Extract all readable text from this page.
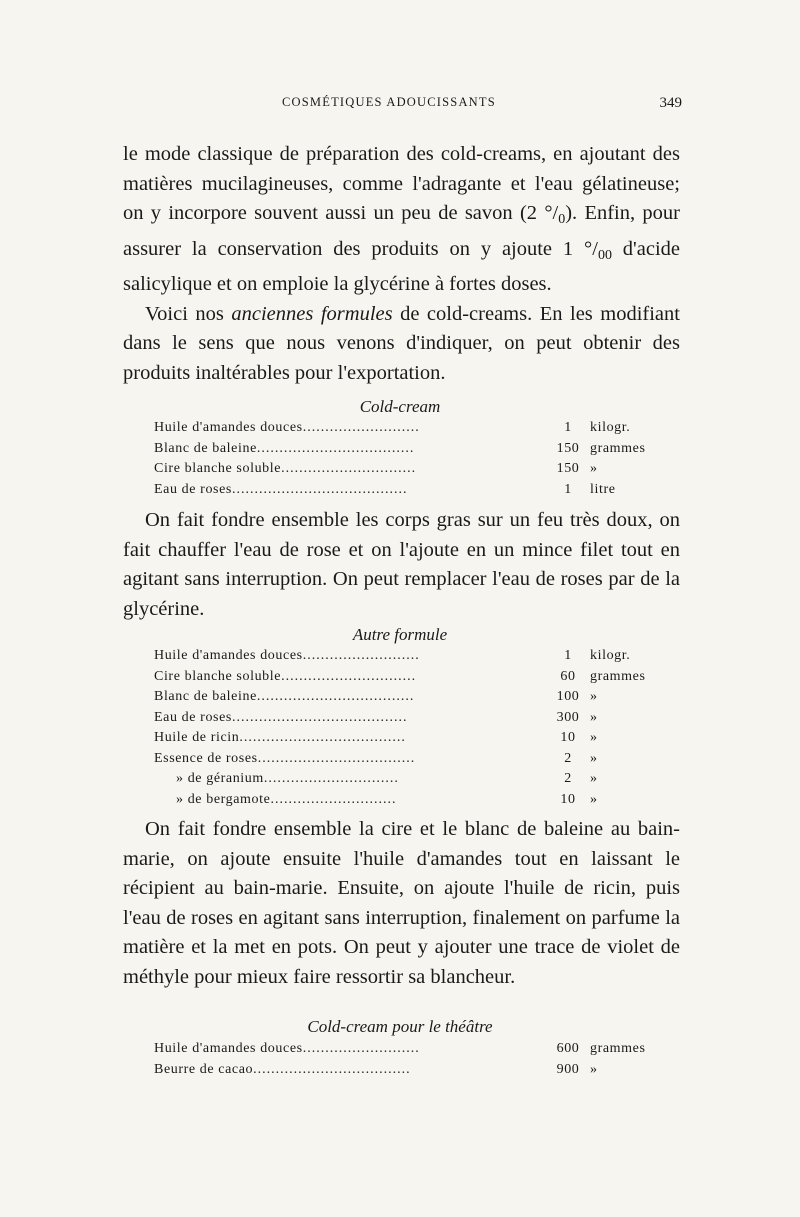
COSMÉTIQUES ADOUCISSANTS	349

le mode classique de préparation des cold-creams, en ajoutant des matières mucilagineuses, comme l'adragante et l'eau gélatineuse; on y incorpore souvent aussi un peu de savon (2 $^\circ/_0$). Enfin, pour assurer la conservation des produits on y ajoute 1 $^\circ/_{00}$ d'acide salicylique et on emploie la glycérine à fortes doses.

Voici nos anciennes formules de cold-creams. En les modifiant dans le sens que nous venons d'indiquer, on peut obtenir des produits inaltérables pour l'exportation.

Cold-cream
Huile d'amandes douces..........................	1	kilogr.
Blanc de baleine...................................	150 grammes
Cire blanche soluble..............................	150 »
Eau de roses.......................................	1	litre

On fait fondre ensemble les corps gras sur un feu très doux, on fait chauffer l'eau de rose et on l'ajoute en un mince filet tout en agitant sans interruption. On peut remplacer l'eau de roses par de la glycérine.

Autre formule
Huile d'amandes douces..........................	1	kilogr.
Cire blanche soluble..............................	60	grammes
Blanc de baleine...................................	100 »
Eau de roses.......................................	300 »
Huile de ricin.....................................	10	»
Essence de roses...................................	2	»
» de géranium..............................	2	»
» de bergamote............................	10	»

On fait fondre ensemble la cire et le blanc de baleine au bain-marie, on ajoute ensuite l'huile d'amandes tout en laissant le récipient au bain-marie. Ensuite, on ajoute l'huile de ricin, puis l'eau de roses en agitant sans interruption, finalement on parfume la matière et la met en pots. On peut y ajouter une trace de violet de méthyle pour mieux faire ressortir sa blancheur.

Cold-cream pour le théâtre
Huile d'amandes douces..........................	600 grammes
Beurre de cacao...................................	900 »
